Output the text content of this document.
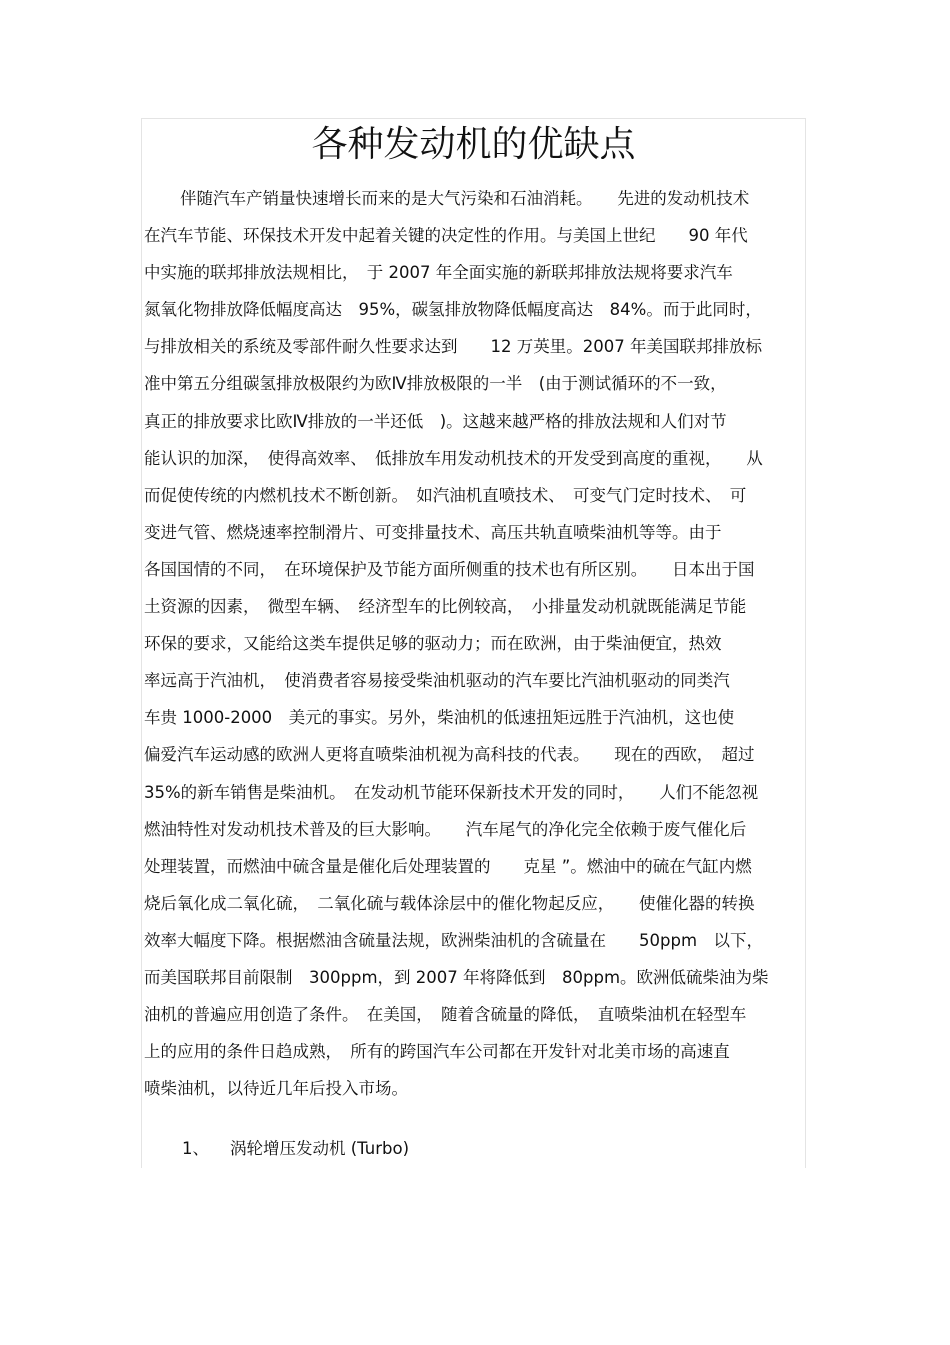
各种发动机的优缺点
伴随汽车产销量快速增长而来的是大气污染和石油消耗。　　先进的发动机技术
在汽车节能、环保技术开发中起着关键的决定性的作用。与美国上世纪　　90 年代
中实施的联邦排放法规相比，　于 2007 年全面实施的新联邦排放法规将要求汽车
氮氧化物排放降低幅度高达　95%，碳氢排放物降低幅度高达　84%。而于此同时，
与排放相关的系统及零部件耐久性要求达到　　12 万英里。2007 年美国联邦排放标
准中第五分组碳氢排放极限约为欧Ⅳ排放极限的一半　(由于测试循环的不一致，
真正的排放要求比欧Ⅳ排放的一半还低　)。这越来越严格的排放法规和人们对节
能认识的加深，　使得高效率、　低排放车用发动机技术的开发受到高度的重视，　　从
而促使传统的内燃机技术不断创新。　如汽油机直喷技术、　可变气门定时技术、　可
变进气管、燃烧速率控制滑片、可变排量技术、高压共轨直喷柴油机等等。由于
各国国情的不同，　在环境保护及节能方面所侧重的技术也有所区别。　　日本出于国
土资源的因素，　微型车辆、　经济型车的比例较高，　小排量发动机就既能满足节能
环保的要求，又能给这类车提供足够的驱动力；而在欧洲，由于柴油便宜，热效
率远高于汽油机，　使消费者容易接受柴油机驱动的汽车要比汽油机驱动的同类汽
车贵 1000-2000　美元的事实。另外，柴油机的低速扭矩远胜于汽油机，这也使
偏爱汽车运动感的欧洲人更将直喷柴油机视为高科技的代表。　　现在的西欧，　超过
35%的新车销售是柴油机。　在发动机节能环保新技术开发的同时，　　人们不能忽视
燃油特性对发动机技术普及的巨大影响。　　汽车尾气的净化完全依赖于废气催化后
处理装置，而燃油中硫含量是催化后处理装置的　　克星 ”。燃油中的硫在气缸内燃
烧后氧化成二氧化硫，　二氧化硫与载体涂层中的催化物起反应，　　使催化器的转换
效率大幅度下降。根据燃油含硫量法规，欧洲柴油机的含硫量在　　50ppm　以下，
而美国联邦目前限制　300ppm，到 2007 年将降低到　80ppm。欧洲低硫柴油为柴
油机的普遍应用创造了条件。　在美国，　随着含硫量的降低，　直喷柴油机在轻型车
上的应用的条件日趋成熟，　所有的跨国汽车公司都在开发针对北美市场的高速直
喷柴油机，以待近几年后投入市场。
1、 涡轮增压发动机 (Turbo)
